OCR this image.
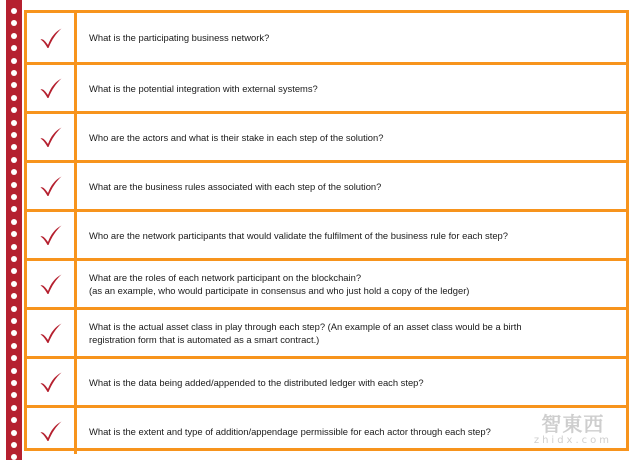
What is the participating business network?
What is the potential integration with external systems?
Who are the actors and what is their stake in each step of the solution?
What are the business rules associated with each step of the solution?
Who are the network participants that would validate the fulfilment of the business rule for each step?
What are the roles of each network participant on the blockchain?
(as an example, who would participate in consensus and who just hold a copy of the ledger)
What is the actual asset class in play through each step? (An example of an asset class would be a birth
registration form that is automated as a smart contract.)
What is the data being added/appended to the distributed ledger with each step?
What is the extent and type of addition/appendage permissible for each actor through each step?	智東西
zhidx.com
